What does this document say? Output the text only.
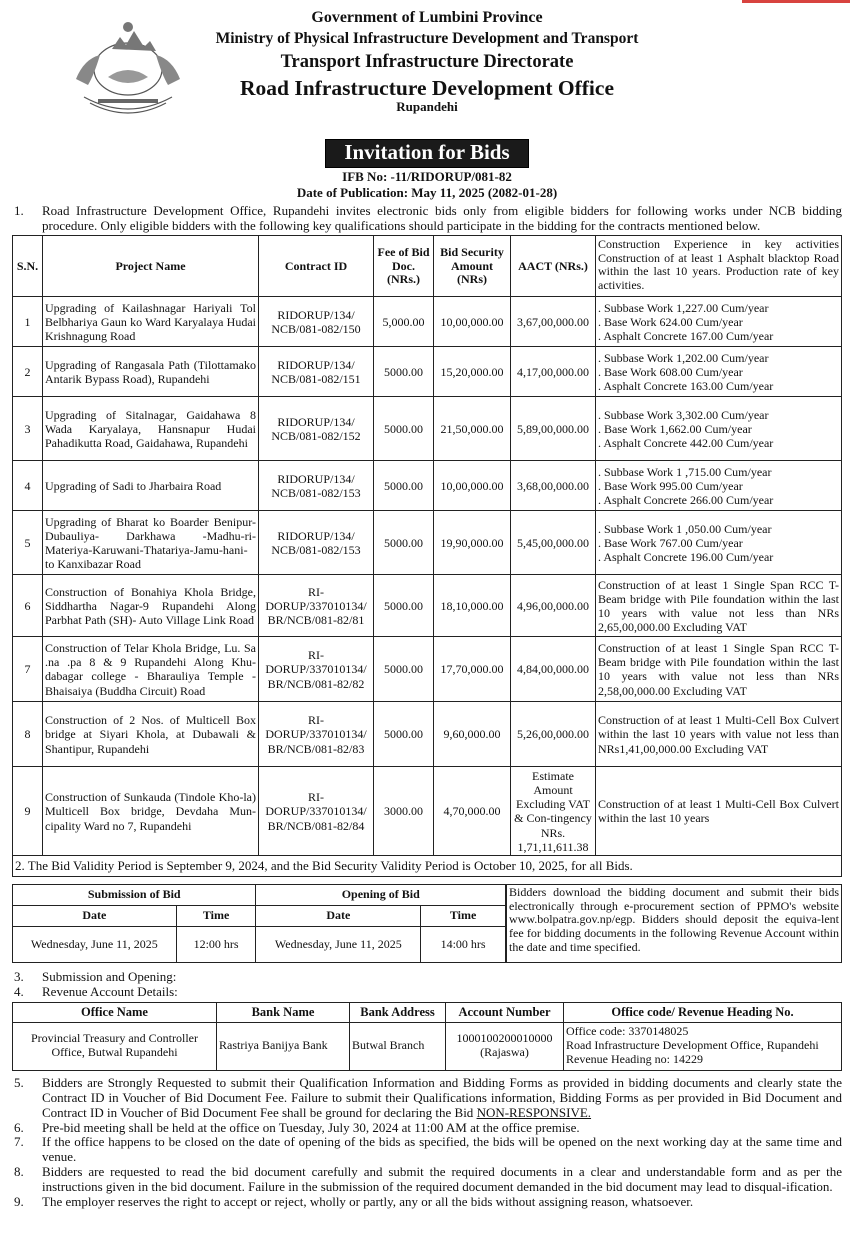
Government of Lumbini Province
Ministry of Physical Infrastructure Development and Transport
Transport Infrastructure Directorate
Road Infrastructure Development Office
Rupandehi
Invitation for Bids
IFB No: -11/RIDORUP/081-82
Date of Publication: May 11, 2025 (2082-01-28)
1.	Road Infrastructure Development Office, Rupandehi invites electronic bids only from eligible bidders for following works under NCB bidding procedure. Only eligible bidders with the following key qualifications should participate in the bidding for the contracts mentioned below.
S.N.	Project Name	Contract ID	Fee of Bid Doc. (NRs.)	Bid Security Amount (NRs)	AACT (NRs.)	Construction Experience in key activities Construction of at least 1 Asphalt blacktop Road within the last 10 years. Production rate of key activities.
1	Upgrading of Kailashnagar Hariyali Tol Belbhariya Gaun ko Ward Karyalaya Hudai Krishnagung Road	RIDORUP/134/ NCB/081-082/150	5,000.00	10,00,000.00	3,67,00,000.00	. Subbase Work 1,227.00 Cum/year
. Base Work 624.00 Cum/year
. Asphalt Concrete 167.00 Cum/year

2	Upgrading of Rangasala Path (Tilottamako Antarik Bypass Road), Rupandehi	RIDORUP/134/ NCB/081-082/151	5000.00	15,20,000.00	4,17,00,000.00	. Subbase Work 1,202.00 Cum/year
. Base Work 608.00 Cum/year
. Asphalt Concrete 163.00 Cum/year

3	Upgrading of Sitalnagar, Gaidahawa 8 Wada Karyalaya, Hansnapur Hudai Pahadikutta Road, Gaidahawa, Rupandehi	RIDORUP/134/ NCB/081-082/152	5000.00	21,50,000.00	5,89,00,000.00	. Subbase Work 3,302.00 Cum/year
. Base Work 1,662.00 Cum/year
. Asphalt Concrete 442.00 Cum/year

4	Upgrading of Sadi to Jharbaira Road	RIDORUP/134/ NCB/081-082/153	5000.00	10,00,000.00	3,68,00,000.00	. Subbase Work 1 ,715.00 Cum/year
. Base Work 995.00 Cum/year
. Asphalt Concrete 266.00 Cum/year

5	Upgrading of Bharat ko Boarder Benipur- Dubauliya- Darkhawa -Madhu-ri- Materiya-Karuwani-Thatariya-Jamu-hani-to Kanxibazar Road	RIDORUP/134/ NCB/081-082/153	5000.00	19,90,000.00	5,45,00,000.00	. Subbase Work 1 ,050.00 Cum/year
. Base Work 767.00 Cum/year
. Asphalt Concrete 196.00 Cum/year

6	Construction of Bonahiya Khola Bridge, Siddhartha Nagar-9 Rupandehi Along Parbhat Path (SH)- Auto Village Link Road	RI-DORUP/337010134/ BR/NCB/081-82/81	5000.00	18,10,000.00	4,96,00,000.00	Construction of at least 1 Single Span RCC T-Beam bridge with Pile foundation within the last 10 years with value not less than NRs 2,65,00,000.00 Excluding VAT

7	Construction of Telar Khola Bridge, Lu. Sa .na .pa 8 & 9 Rupandehi Along Khu-dabagar college - Bharauliya Temple - Bhaisaiya (Buddha Circuit) Road	RI-DORUP/337010134/ BR/NCB/081-82/82	5000.00	17,70,000.00	4,84,00,000.00	Construction of at least 1 Single Span RCC T-Beam bridge with Pile foundation within the last 10 years with value not less than NRs 2,58,00,000.00 Excluding VAT

8	Construction of 2 Nos. of Multicell Box bridge at Siyari Khola, at Dubawali & Shantipur, Rupandehi	RI-DORUP/337010134/ BR/NCB/081-82/83	5000.00	9,60,000.00	5,26,00,000.00	Construction of at least 1 Multi-Cell Box Culvert within the last 10 years with value not less than NRs1,41,00,000.00 Excluding VAT

9	Construction of Sunkauda (Tindole Kho-la) Multicell Box bridge, Devdaha Mun-cipality Ward no 7, Rupandehi	RI-DORUP/337010134/ BR/NCB/081-82/84	3000.00	4,70,000.00	Estimate Amount Excluding VAT & Con-tingency NRs. 1,71,11,611.38	Construction of at least 1 Multi-Cell Box Culvert within the last 10 years

2. The Bid Validity Period is September 9, 2024, and the Bid Security Validity Period is October 10, 2025, for all Bids.						
Submission of Bid		Opening of Bid	
Date	Time	Date	Time
Wednesday, June 11, 2025	12:00 hrs	Wednesday, June 11, 2025	14:00 hrs
Bidders download the bidding document and submit their bids electronically through e-procurement section of PPMO's website www.bolpatra.gov.np/egp. Bidders should deposit the equiva-lent fee for bidding documents in the following Revenue Account within the date and time specified.
3.	Submission and Opening:
4.	Revenue Account Details:
Office Name	Bank Name	Bank Address	Account Number	Office code/ Revenue Heading No.
Provincial Treasury and Controller Office, Butwal Rupandehi	Rastriya Banijya Bank	Butwal Branch	1000100200010000 (Rajaswa)	Office code: 3370148025
Road Infrastructure Development Office, Rupandehi
Revenue Heading no: 14229
5.	Bidders are Strongly Requested to submit their Qualification Information and Bidding Forms as provided in bidding documents and clearly state the Contract ID in Voucher of Bid Document Fee. Failure to submit their Qualifications information, Bidding Forms as per provided in Bid Document and Contract ID in Voucher of Bid Document Fee shall be ground for declaring the Bid NON-RESPONSIVE.
6.	Pre-bid meeting shall be held at the office on Tuesday, July 30, 2024 at 11:00 AM at the office premise.
7.	If the office happens to be closed on the date of opening of the bids as specified, the bids will be opened on the next working day at the same time and venue.
8.	Bidders are requested to read the bid document carefully and submit the required documents in a clear and understandable form and as per the instructions given in the bid document. Failure in the submission of the required document demanded in the bid document may lead to disqual-ification.
9.	The employer reserves the right to accept or reject, wholly or partly, any or all the bids without assigning reason, whatsoever.
